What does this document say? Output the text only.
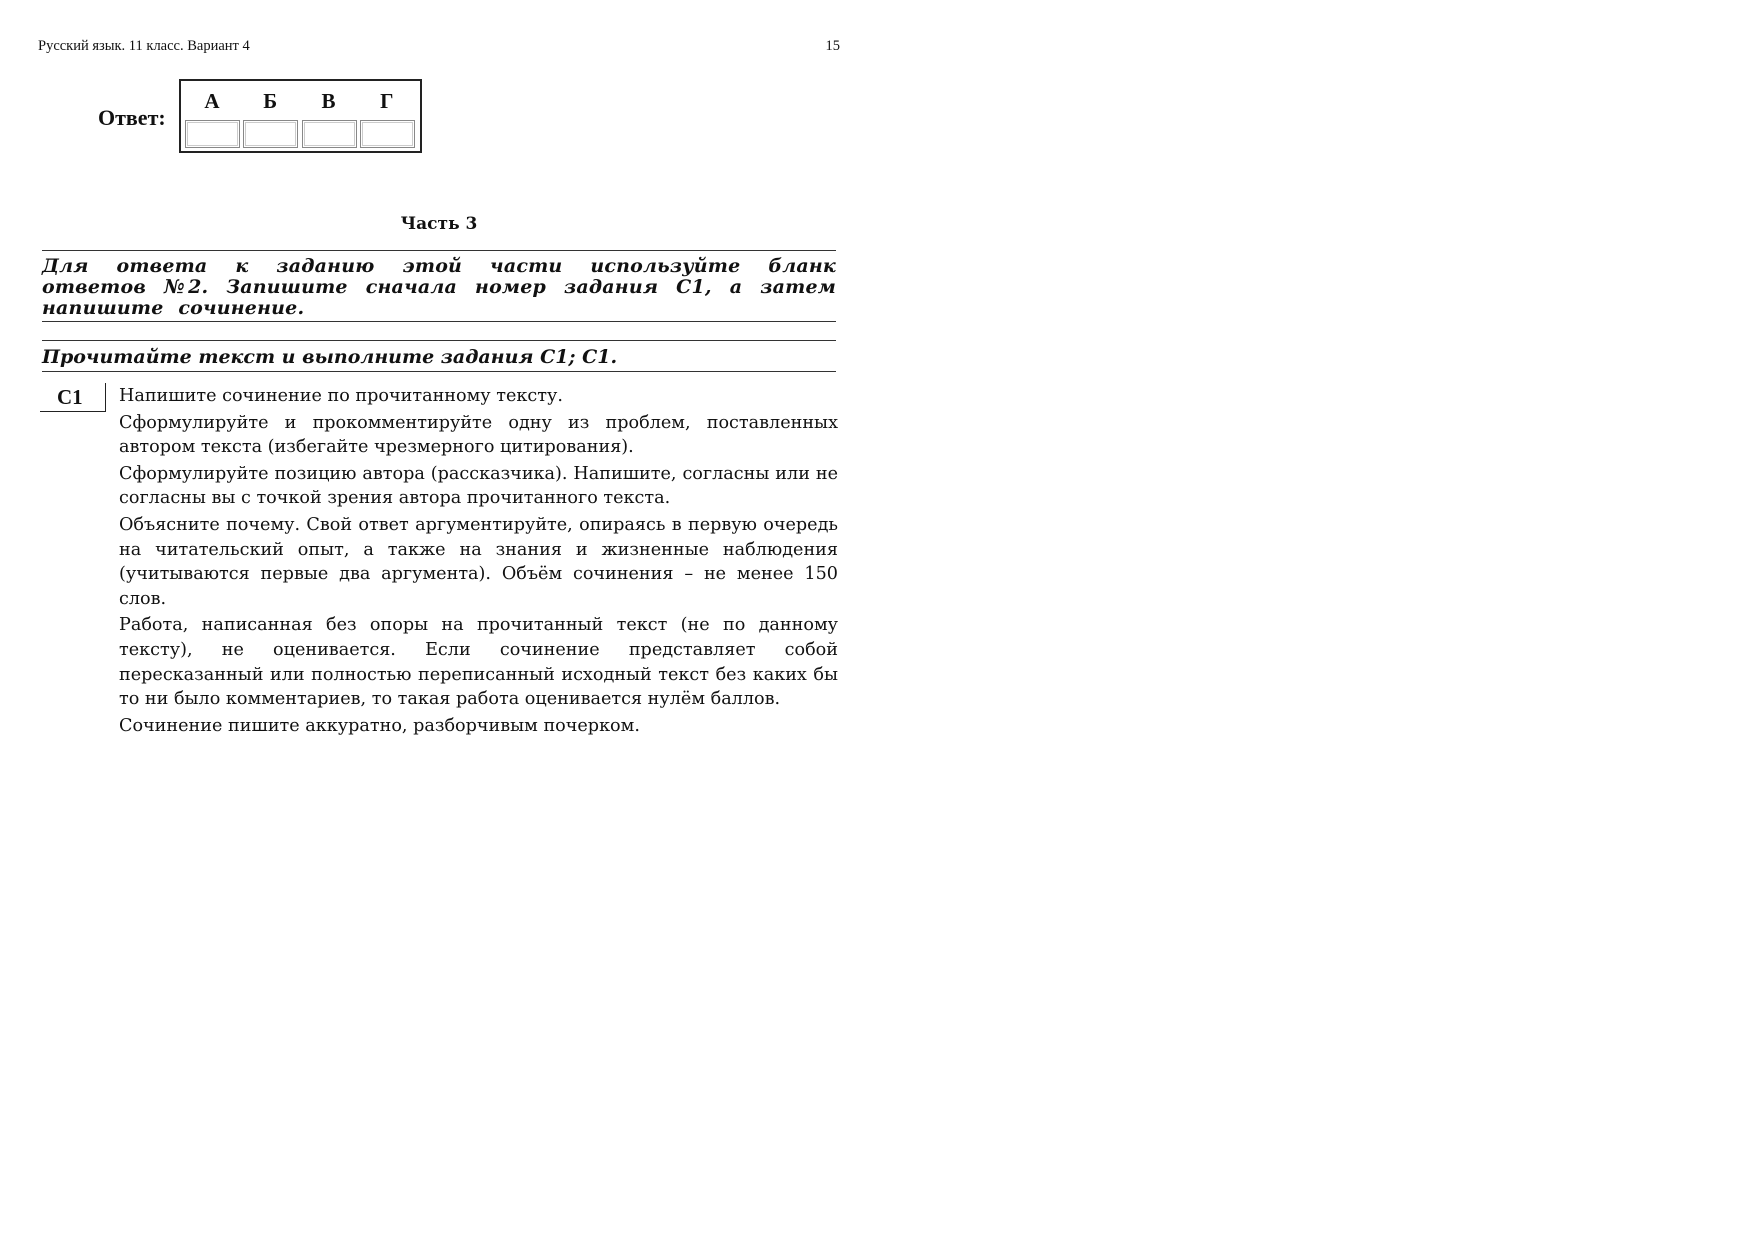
Русский язык. 11 класс. Вариант 4	15
Ответ:
А	Б	В	Г
Часть 3
Для ответа к заданию этой части используйте бланк ответов №2. Запишите сначала номер задания С1, а затем напишите сочинение.
Прочитайте текст и выполните задания С1; С1.
С1	Напишите сочинение по прочитанному тексту.

Сформулируйте и прокомментируйте одну из проблем, поставленных автором текста (избегайте чрезмерного цитирования).

Сформулируйте позицию автора (рассказчика). Напишите, согласны или не согласны вы с точкой зрения автора прочитанного текста.

Объясните почему. Свой ответ аргументируйте, опираясь в первую очередь на читательский опыт, а также на знания и жизненные наблюдения (учитываются первые два аргумента). Объём сочинения – не менее 150 слов.

Работа, написанная без опоры на прочитанный текст (не по данному тексту), не оценивается. Если сочинение представляет собой пересказанный или полностью переписанный исходный текст без каких бы то ни было комментариев, то такая работа оценивается нулём баллов.

Сочинение пишите аккуратно, разборчивым почерком.
